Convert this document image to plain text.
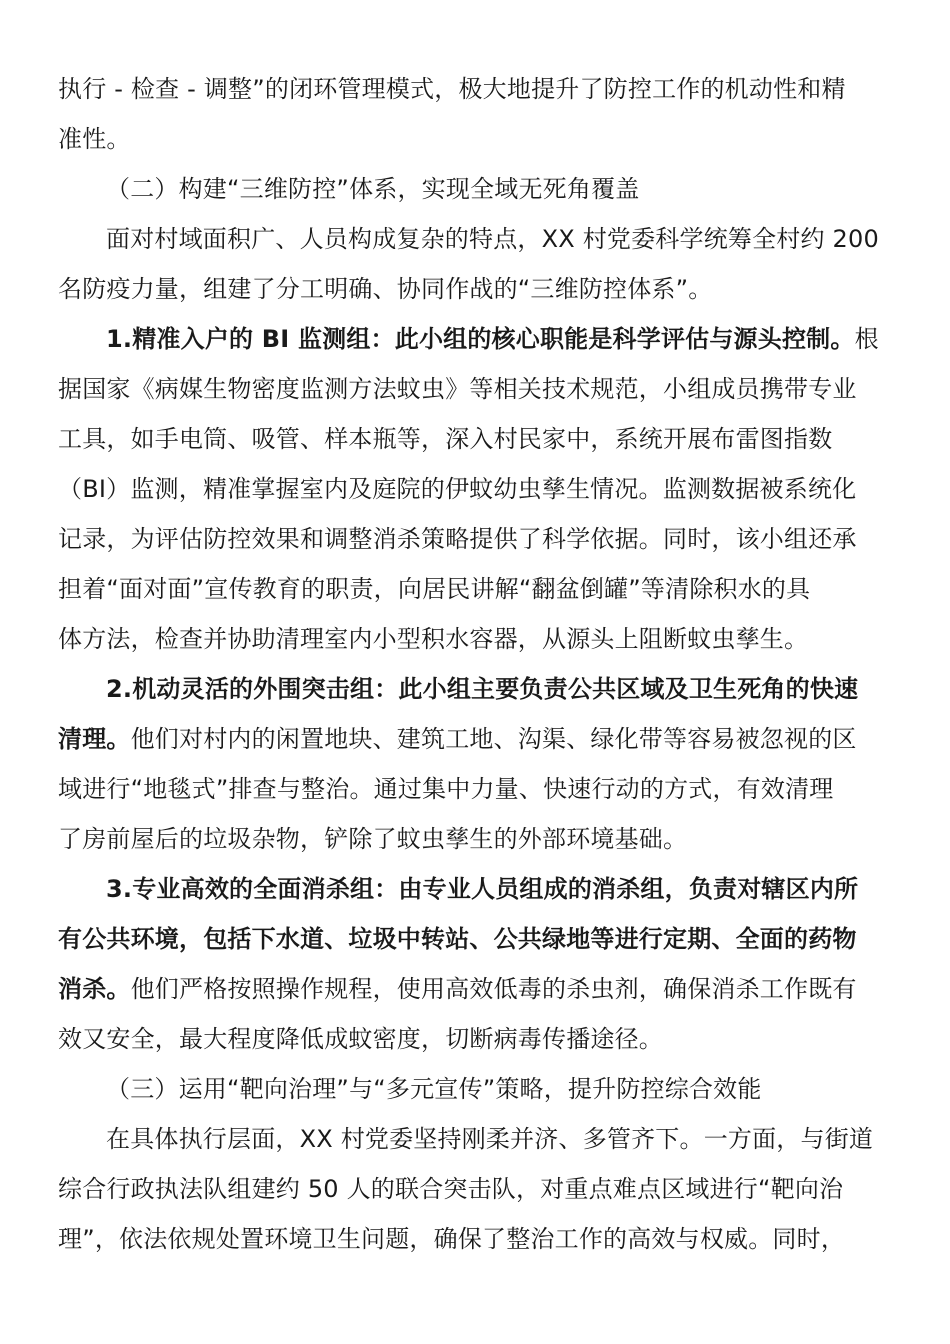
执行 - 检查 - 调整”的闭环管理模式，极大地提升了防控工作的机动性和精
准性。
（二）构建“三维防控”体系，实现全域无死角覆盖
面对村域面积广、人员构成复杂的特点，XX 村党委科学统筹全村约 200
名防疫力量，组建了分工明确、协同作战的“三维防控体系”。
1.精准入户的 BI 监测组：此小组的核心职能是科学评估与源头控制。根
据国家《病媒生物密度监测方法蚊虫》等相关技术规范，小组成员携带专业
工具，如手电筒、吸管、样本瓶等，深入村民家中，系统开展布雷图指数
（BI）监测，精准掌握室内及庭院的伊蚊幼虫孳生情况。监测数据被系统化
记录，为评估防控效果和调整消杀策略提供了科学依据。同时，该小组还承
担着“面对面”宣传教育的职责，向居民讲解“翻盆倒罐”等清除积水的具
体方法，检查并协助清理室内小型积水容器，从源头上阻断蚊虫孳生。
2.机动灵活的外围突击组：此小组主要负责公共区域及卫生死角的快速
清理。他们对村内的闲置地块、建筑工地、沟渠、绿化带等容易被忽视的区
域进行“地毯式”排查与整治。通过集中力量、快速行动的方式，有效清理
了房前屋后的垃圾杂物，铲除了蚊虫孳生的外部环境基础。
3.专业高效的全面消杀组：由专业人员组成的消杀组，负责对辖区内所
有公共环境，包括下水道、垃圾中转站、公共绿地等进行定期、全面的药物
消杀。他们严格按照操作规程，使用高效低毒的杀虫剂，确保消杀工作既有
效又安全，最大程度降低成蚊密度，切断病毒传播途径。
（三）运用“靶向治理”与“多元宣传”策略，提升防控综合效能
在具体执行层面，XX 村党委坚持刚柔并济、多管齐下。一方面，与街道
综合行政执法队组建约 50 人的联合突击队，对重点难点区域进行“靶向治
理”，依法依规处置环境卫生问题，确保了整治工作的高效与权威。同时，
